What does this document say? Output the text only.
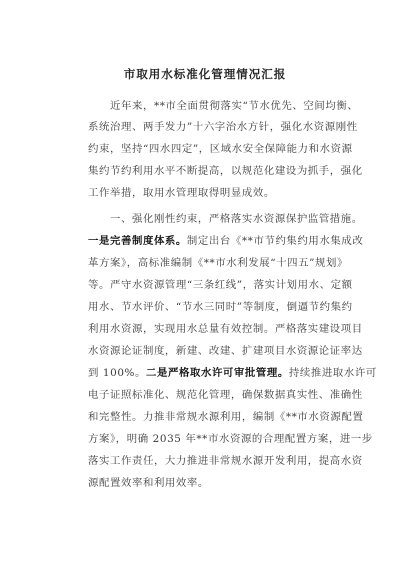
市取用水标准化管理情况汇报
近年来，**市全面贯彻落实“节水优先、空间均衡、
系统治理、两手发力”十六字治水方针，强化水资源刚性
约束，坚持“四水四定”，区域水安全保障能力和水资源
集约节约利用水平不断提高，以规范化建设为抓手，强化
工作举措，取用水管理取得明显成效。
一、强化刚性约束，严格落实水资源保护监管措施。
一是完善制度体系。制定出台《**市节约集约用水集成改
革方案》，高标准编制《**市水利发展“十四五”规划》
等。严守水资源管理“三条红线”，落实计划用水、定额
用水、节水评价、“节水三同时”等制度，倒逼节约集约
利用水资源，实现用水总量有效控制。严格落实建设项目
水资源论证制度，新建、改建、扩建项目水资源论证率达
到 100%。二是严格取水许可审批管理。持续推进取水许可
电子证照标准化、规范化管理，确保数据真实性、准确性
和完整性。力推非常规水源利用，编制《**市水资源配置
方案》，明确 2035 年**市水资源的合理配置方案，进一步
落实工作责任，大力推进非常规水源开发利用，提高水资
源配置效率和利用效率。
